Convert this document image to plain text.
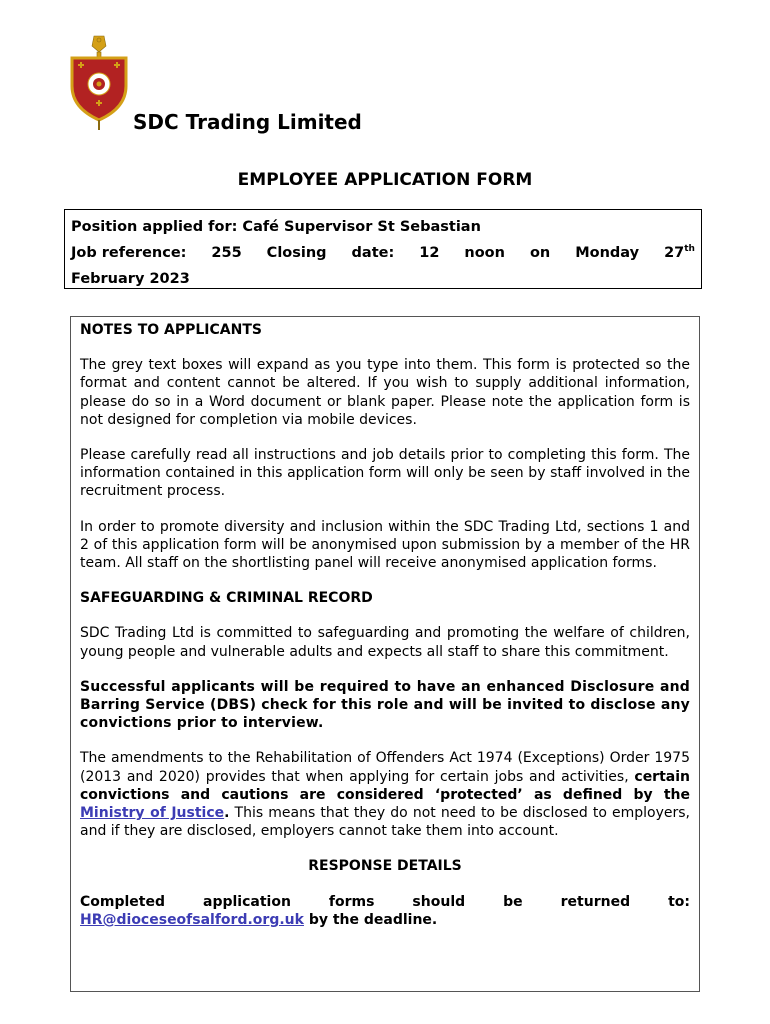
SDC Trading Limited
EMPLOYEE APPLICATION FORM
Position applied for: Café Supervisor St Sebastian
Job reference: 255 Closing date: 12 noon on Monday 27th
February 2023
NOTES TO APPLICANTS

The grey text boxes will expand as you type into them. This form is protected so the format and content cannot be altered. If you wish to supply additional information, please do so in a Word document or blank paper. Please note the application form is not designed for completion via mobile devices.

Please carefully read all instructions and job details prior to completing this form. The information contained in this application form will only be seen by staff involved in the recruitment process.

In order to promote diversity and inclusion within the SDC Trading Ltd, sections 1 and 2 of this application form will be anonymised upon submission by a member of the HR team. All staff on the shortlisting panel will receive anonymised application forms.

SAFEGUARDING & CRIMINAL RECORD

SDC Trading Ltd is committed to safeguarding and promoting the welfare of children, young people and vulnerable adults and expects all staff to share this commitment.

Successful applicants will be required to have an enhanced Disclosure and Barring Service (DBS) check for this role and will be invited to disclose any convictions prior to interview.

The amendments to the Rehabilitation of Offenders Act 1974 (Exceptions) Order 1975 (2013 and 2020) provides that when applying for certain jobs and activities, certain convictions and cautions are considered ‘protected’ as defined by the Ministry of Justice. This means that they do not need to be disclosed to employers, and if they are disclosed, employers cannot take them into account.

RESPONSE DETAILS

Completed application forms should be returned to:

HR@dioceseofsalford.org.uk by the deadline.
